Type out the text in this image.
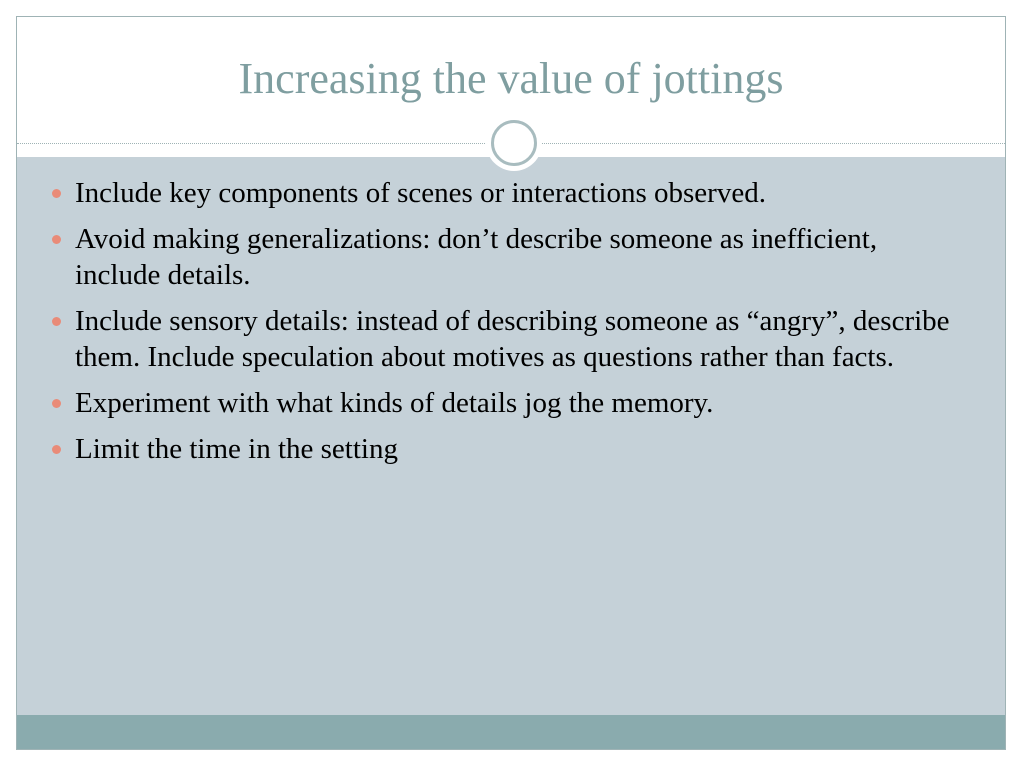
Increasing the value of jottings
Include key components of scenes or interactions observed.
Avoid making generalizations: don’t describe someone as inefficient, include details.
Include sensory details: instead of describing someone as “angry”, describe them. Include speculation about motives as questions rather than facts.
Experiment with what kinds of details jog the memory.
Limit the time in the setting
